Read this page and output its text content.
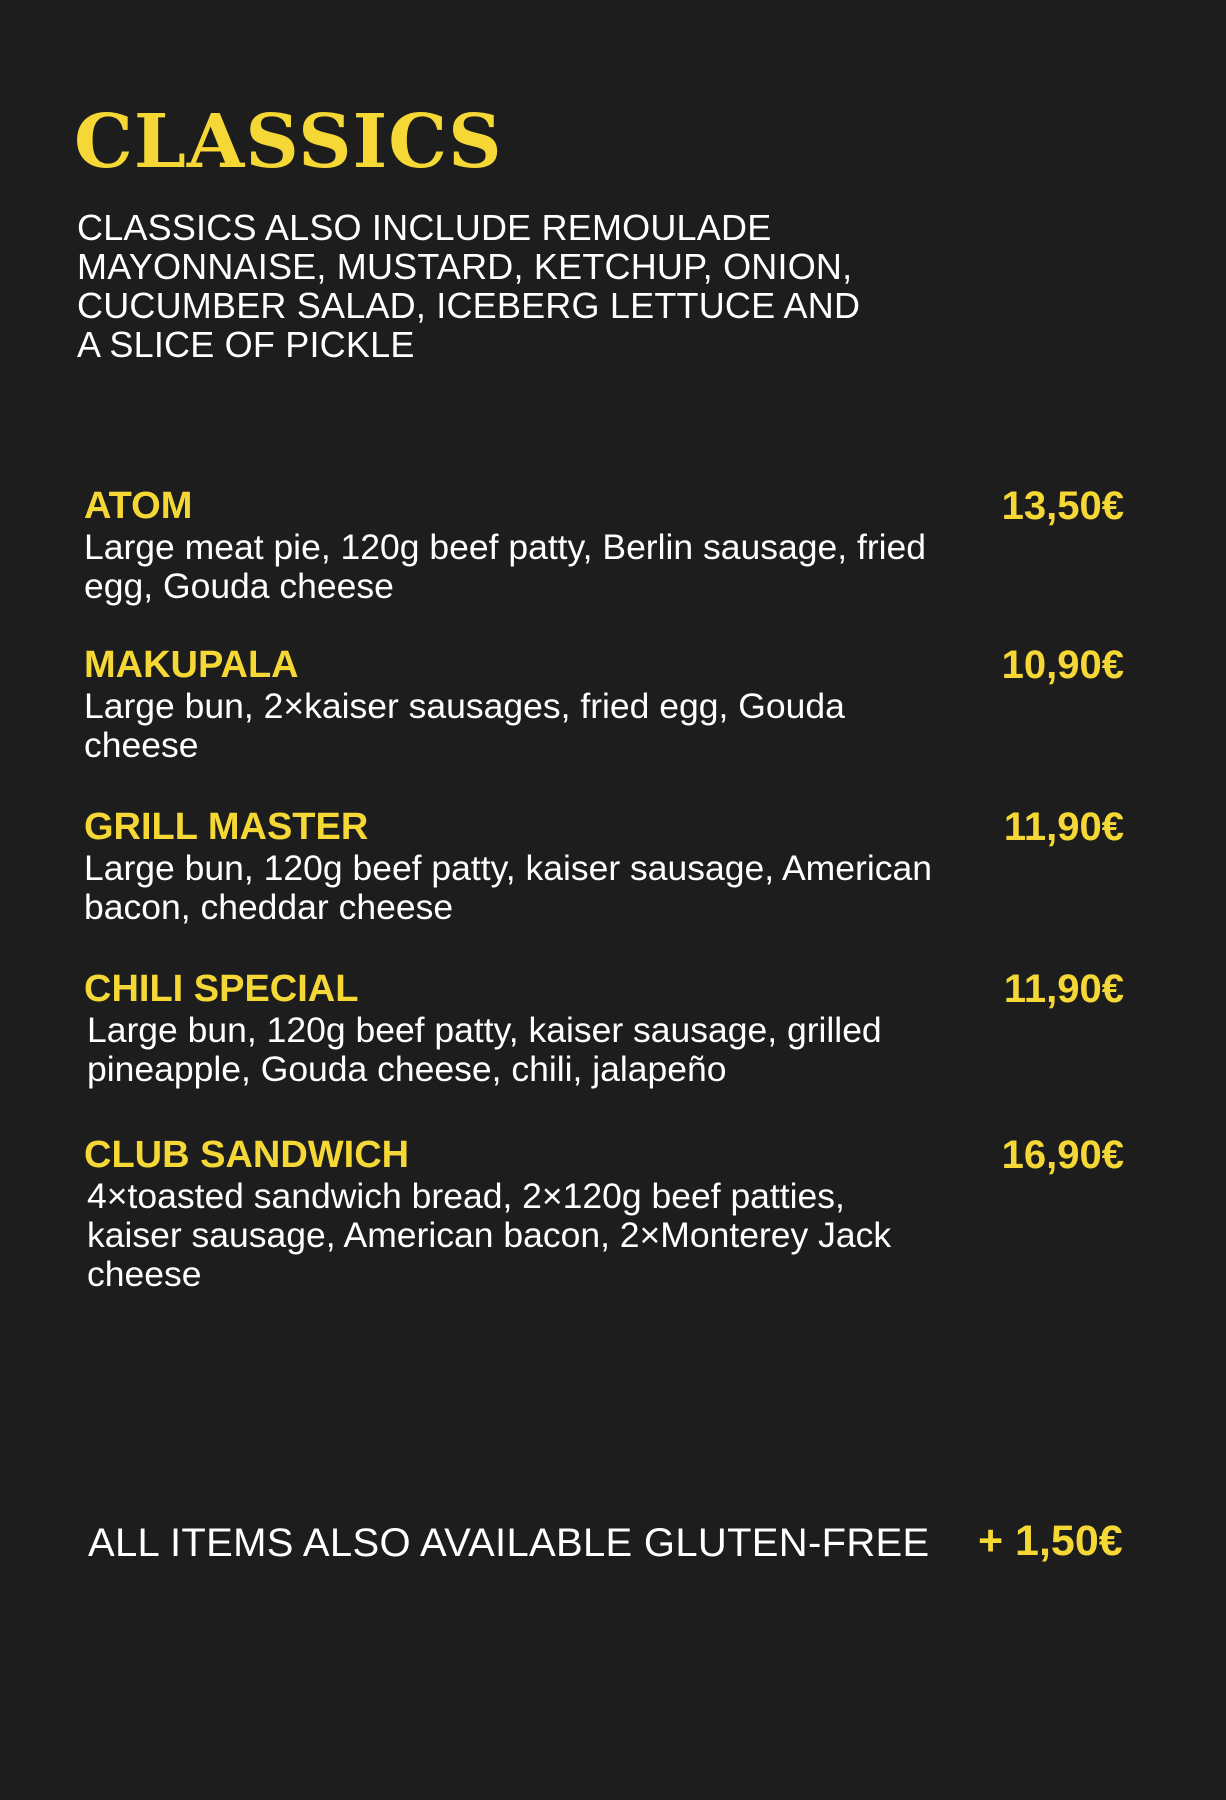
CLASSICS
CLASSICS ALSO INCLUDE REMOULADE
MAYONNAISE, MUSTARD, KETCHUP, ONION,
CUCUMBER SALAD, ICEBERG LETTUCE AND
A SLICE OF PICKLE
ATOM	13,50€
Large meat pie, 120g beef patty, Berlin sausage, fried
egg, Gouda cheese
MAKUPALA	10,90€
Large bun, 2×kaiser sausages, fried egg, Gouda
cheese
GRILL MASTER	11,90€
Large bun, 120g beef patty, kaiser sausage, American
bacon, cheddar cheese
CHILI SPECIAL	11,90€
Large bun, 120g beef patty, kaiser sausage, grilled
pineapple, Gouda cheese, chili, jalapeño
CLUB SANDWICH	16,90€
4×toasted sandwich bread, 2×120g beef patties,
kaiser sausage, American bacon, 2×Monterey Jack
cheese
ALL ITEMS ALSO AVAILABLE GLUTEN-FREE + 1,50€
